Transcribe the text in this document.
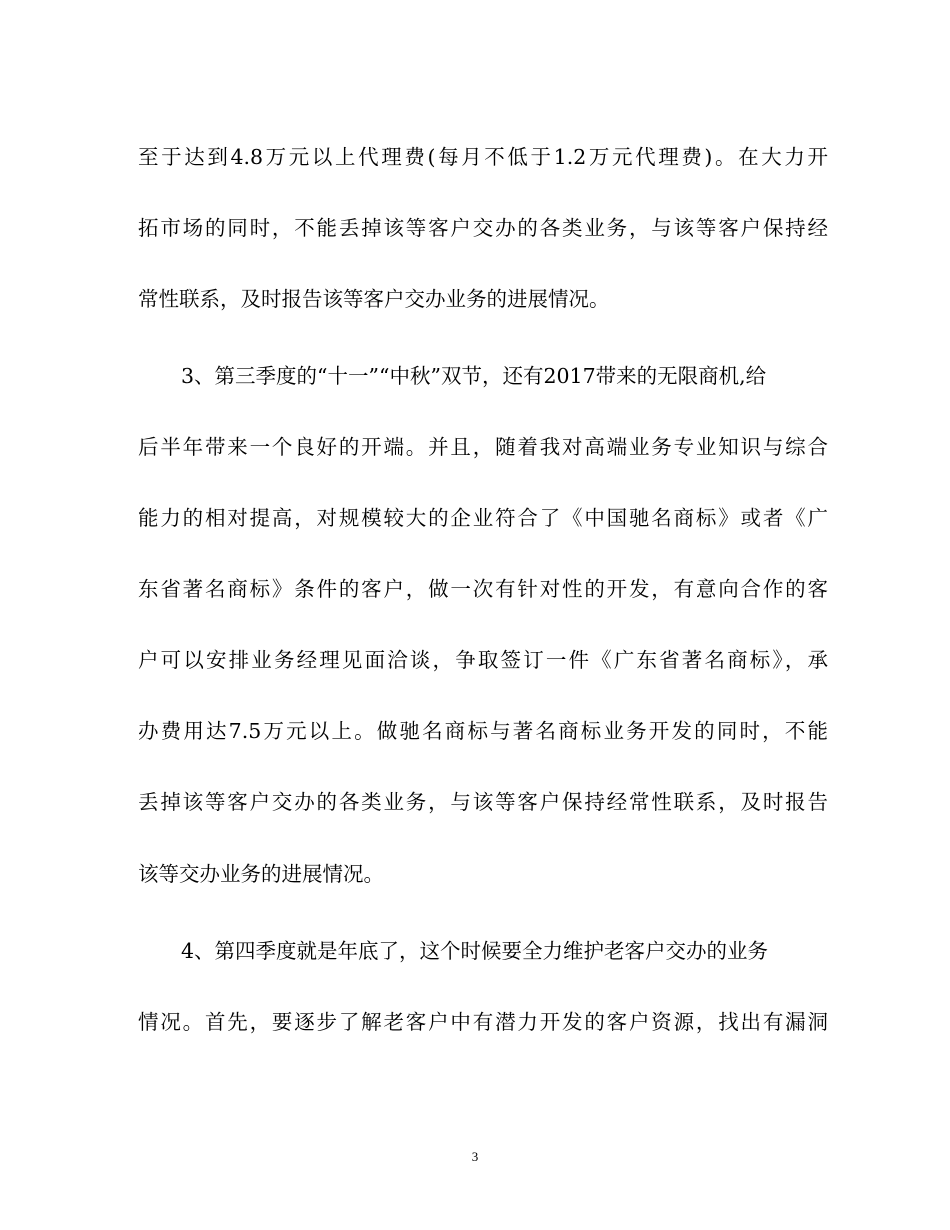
至于达到4.8万元以上代理费(每月不低于1.2万元代理费)。在大力开
拓市场的同时，不能丢掉该等客户交办的各类业务，与该等客户保持经
常性联系，及时报告该等客户交办业务的进展情况。
3、第三季度的“十一”“中秋”双节，还有2017带来的无限商机,给
后半年带来一个良好的开端。并且，随着我对高端业务专业知识与综合
能力的相对提高，对规模较大的企业符合了《中国驰名商标》或者《广
东省著名商标》条件的客户，做一次有针对性的开发，有意向合作的客
户可以安排业务经理见面洽谈，争取签订一件《广东省著名商标》，承
办费用达7.5万元以上。做驰名商标与著名商标业务开发的同时，不能
丢掉该等客户交办的各类业务，与该等客户保持经常性联系，及时报告
该等交办业务的进展情况。
4、第四季度就是年底了，这个时候要全力维护老客户交办的业务
情况。首先，要逐步了解老客户中有潜力开发的客户资源，找出有漏洞
3
